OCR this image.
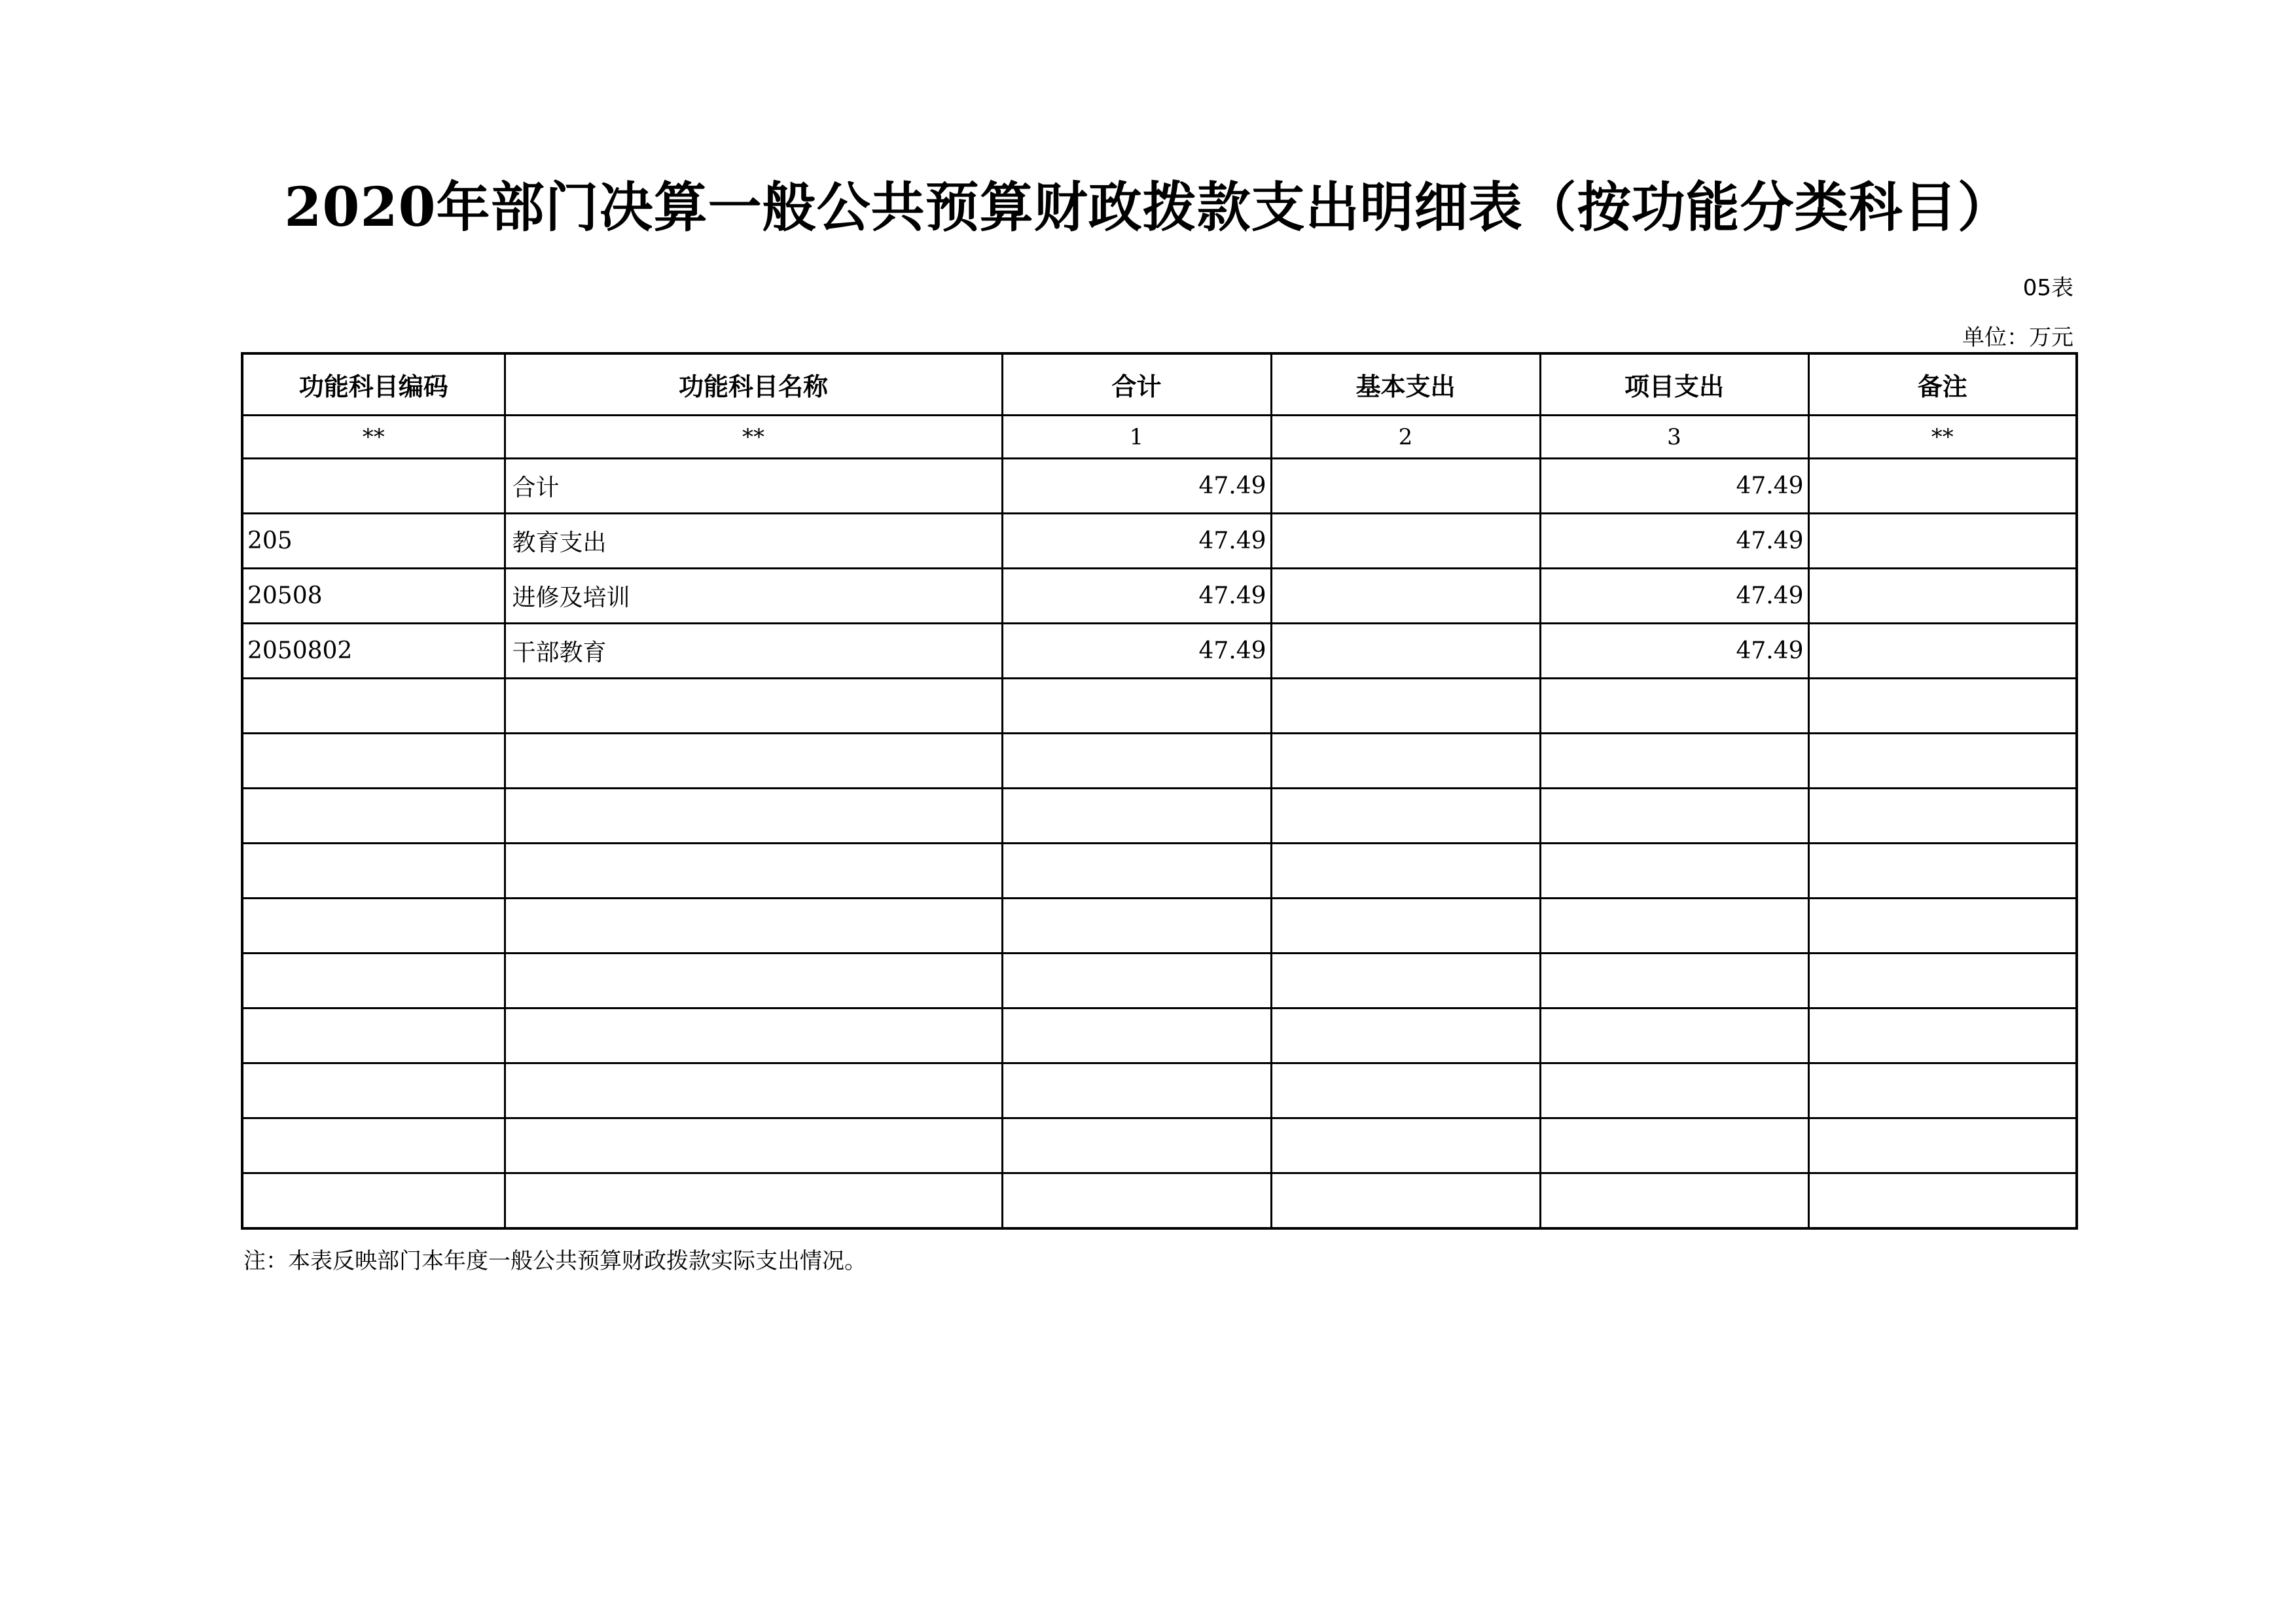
2020年部门决算一般公共预算财政拨款支出明细表（按功能分类科目）
05表
单位：万元
功能科目编码	功能科目名称	合计	基本支出	项目支出	备注
**	**	1	2	3	**
	合计	47.49		47.49	
205	教育支出	47.49		47.49	
20508	进修及培训	47.49		47.49	
2050802	干部教育	47.49		47.49	

注：本表反映部门本年度一般公共预算财政拨款实际支出情况。
